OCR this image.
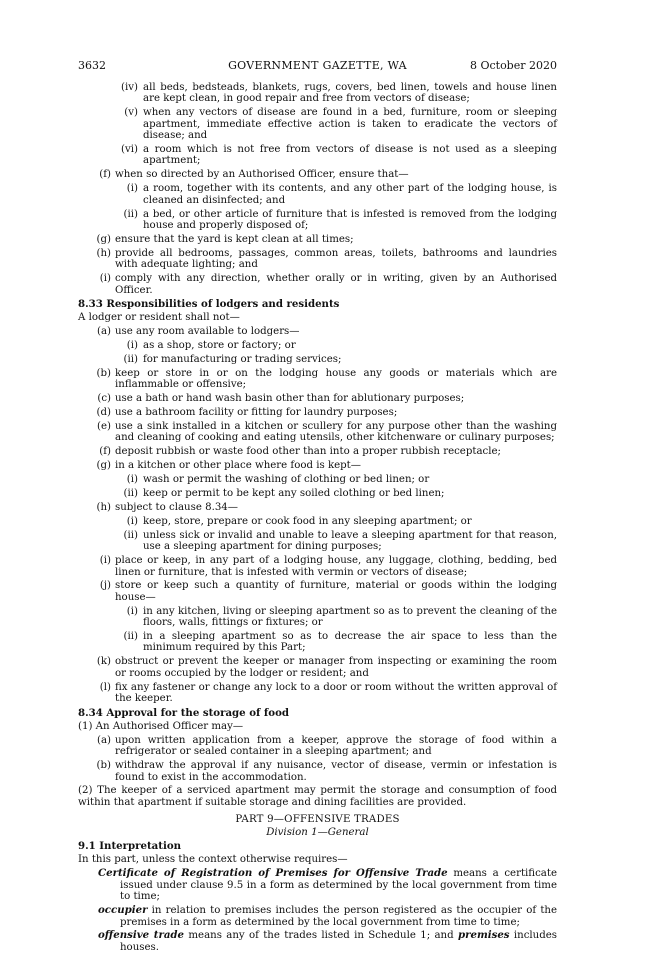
3632	GOVERNMENT GAZETTE, WA	8 October 2020
(iv) all beds, bedsteads, blankets, rugs, covers, bed linen, towels and house linen are kept clean, in good repair and free from vectors of disease;
(v) when any vectors of disease are found in a bed, furniture, room or sleeping apartment, immediate effective action is taken to eradicate the vectors of disease; and
(vi) a room which is not free from vectors of disease is not used as a sleeping apartment;
(f) when so directed by an Authorised Officer, ensure that—
(i) a room, together with its contents, and any other part of the lodging house, is cleaned an disinfected; and
(ii) a bed, or other article of furniture that is infested is removed from the lodging house and properly disposed of;
(g) ensure that the yard is kept clean at all times;
(h) provide all bedrooms, passages, common areas, toilets, bathrooms and laundries with adequate lighting; and
(i) comply with any direction, whether orally or in writing, given by an Authorised Officer.
8.33 Responsibilities of lodgers and residents
A lodger or resident shall not—
(a) use any room available to lodgers—
(i) as a shop, store or factory; or
(ii) for manufacturing or trading services;
(b) keep or store in or on the lodging house any goods or materials which are inflammable or offensive;
(c) use a bath or hand wash basin other than for ablutionary purposes;
(d) use a bathroom facility or fitting for laundry purposes;
(e) use a sink installed in a kitchen or scullery for any purpose other than the washing and cleaning of cooking and eating utensils, other kitchenware or culinary purposes;
(f) deposit rubbish or waste food other than into a proper rubbish receptacle;
(g) in a kitchen or other place where food is kept—
(i) wash or permit the washing of clothing or bed linen; or
(ii) keep or permit to be kept any soiled clothing or bed linen;
(h) subject to clause 8.34—
(i) keep, store, prepare or cook food in any sleeping apartment; or
(ii) unless sick or invalid and unable to leave a sleeping apartment for that reason, use a sleeping apartment for dining purposes;
(i) place or keep, in any part of a lodging house, any luggage, clothing, bedding, bed linen or furniture, that is infested with vermin or vectors of disease;
(j) store or keep such a quantity of furniture, material or goods within the lodging house—
(i) in any kitchen, living or sleeping apartment so as to prevent the cleaning of the floors, walls, fittings or fixtures; or
(ii) in a sleeping apartment so as to decrease the air space to less than the minimum required by this Part;
(k) obstruct or prevent the keeper or manager from inspecting or examining the room or rooms occupied by the lodger or resident; and
(l) fix any fastener or change any lock to a door or room without the written approval of the keeper.
8.34 Approval for the storage of food
(1) An Authorised Officer may—
(a) upon written application from a keeper, approve the storage of food within a refrigerator or sealed container in a sleeping apartment; and
(b) withdraw the approval if any nuisance, vector of disease, vermin or infestation is found to exist in the accommodation.
(2) The keeper of a serviced apartment may permit the storage and consumption of food within that apartment if suitable storage and dining facilities are provided.
PART 9—OFFENSIVE TRADES
Division 1—General
9.1 Interpretation
In this part, unless the context otherwise requires—
Certificate of Registration of Premises for Offensive Trade means a certificate issued under clause 9.5 in a form as determined by the local government from time to time;
occupier in relation to premises includes the person registered as the occupier of the premises in a form as determined by the local government from time to time;
offensive trade means any of the trades listed in Schedule 1; and premises includes houses.
